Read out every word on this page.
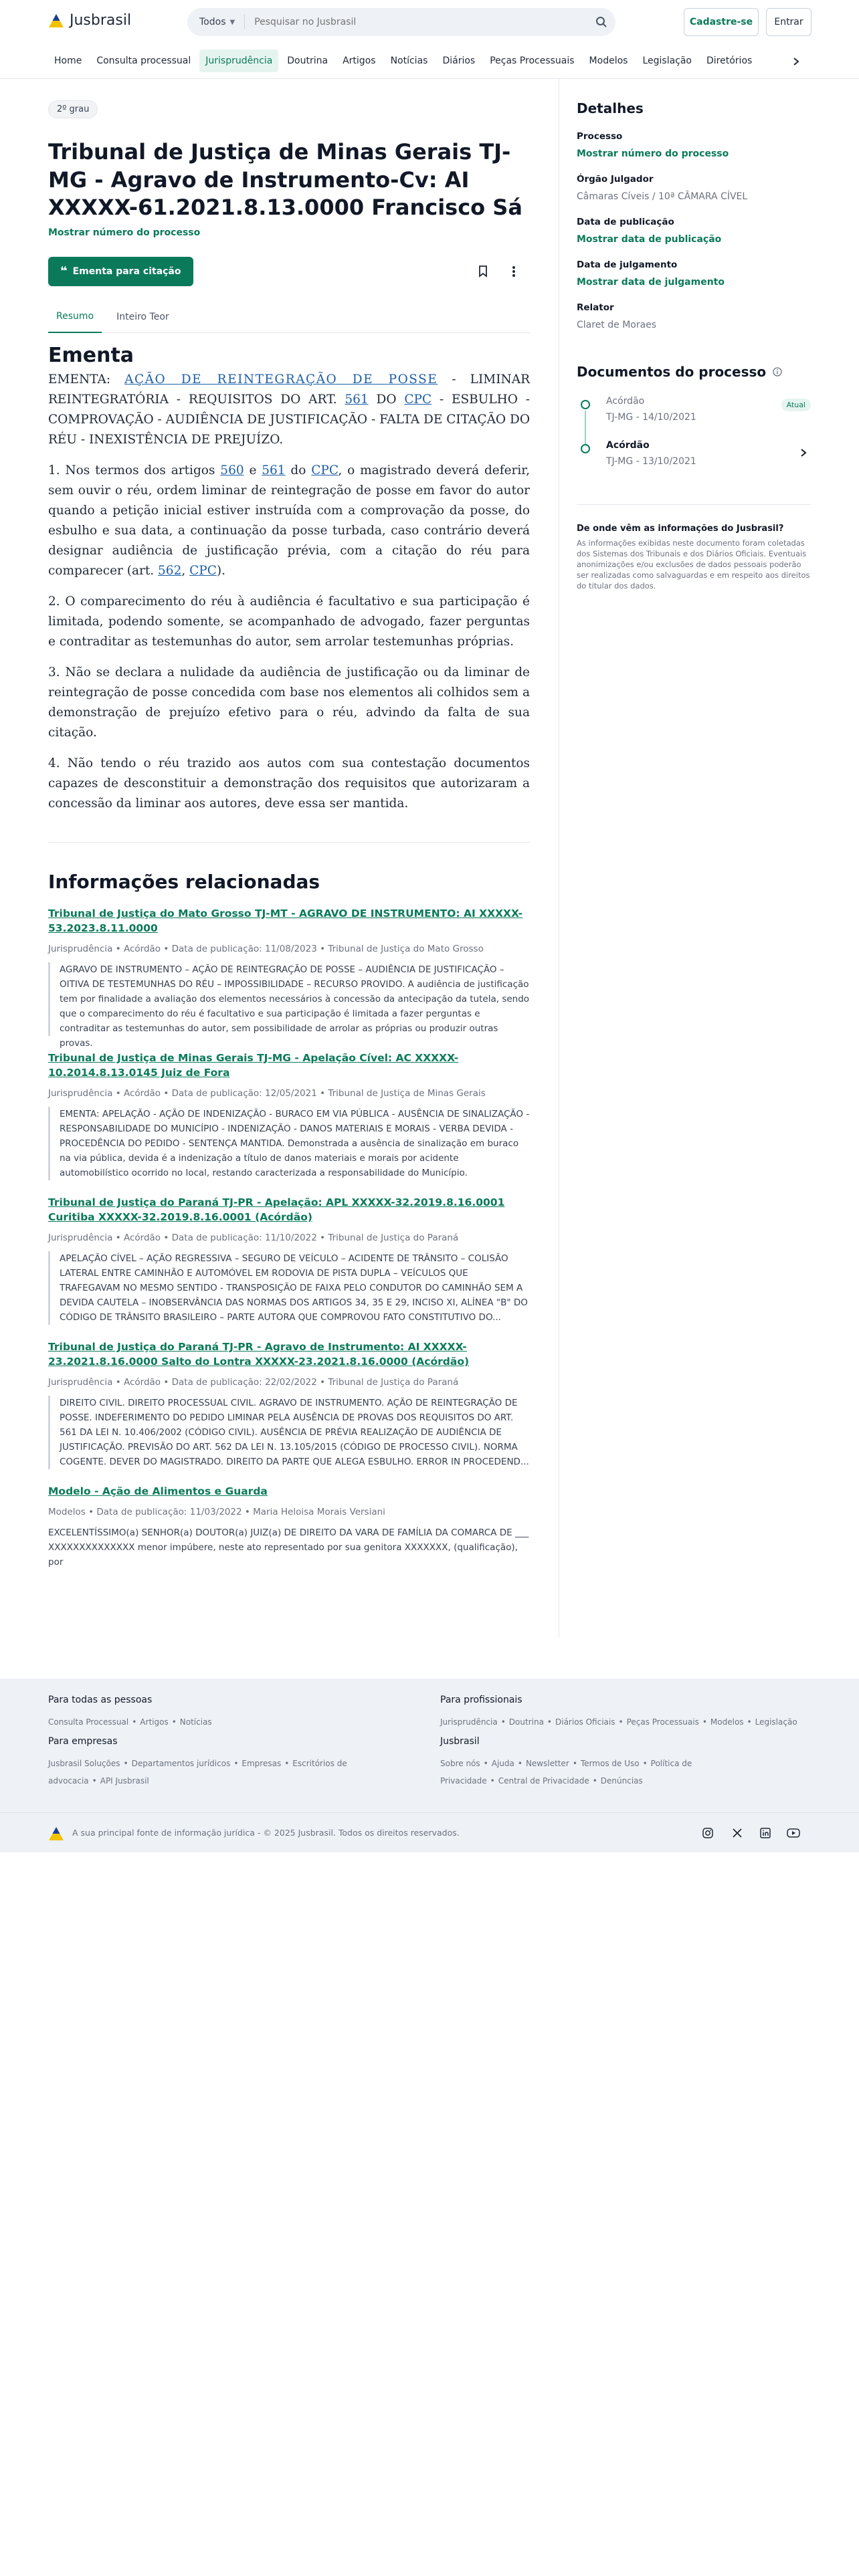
Jusbrasil	Todos ▼
Pesquisar no Jusbrasil	Cadastre-se	Entrar
Home	Consulta processual	Jurisprudência	Doutrina	Artigos	Notícias	Diários	Peças Processuais	Modelos	Legislação	Diretórios
2º grau
Tribunal de Justiça de Minas Gerais TJ-MG - Agravo de Instrumento-Cv: AI XXXXX-61.2021.8.13.0000 Francisco Sá
Mostrar número do processo
❝ Ementa para citação
Resumo	Inteiro Teor
Ementa

EMENTA: AÇÃO DE REINTEGRAÇÃO DE POSSE - LIMINAR REINTEGRATÓRIA - REQUISITOS DO ART. 561 DO CPC - ESBULHO - COMPROVAÇÃO - AUDIÊNCIA DE JUSTIFICAÇÃO - FALTA DE CITAÇÃO DO RÉU - INEXISTÊNCIA DE PREJUÍZO.

1. Nos termos dos artigos 560 e 561 do CPC, o magistrado deverá deferir, sem ouvir o réu, ordem liminar de reintegração de posse em favor do autor quando a petição inicial estiver instruída com a comprovação da posse, do esbulho e sua data, a continuação da posse turbada, caso contrário deverá designar audiência de justificação prévia, com a citação do réu para comparecer (art. 562, CPC).

2. O comparecimento do réu à audiência é facultativo e sua participação é limitada, podendo somente, se acompanhado de advogado, fazer perguntas e contraditar as testemunhas do autor, sem arrolar testemunhas próprias.

3. Não se declara a nulidade da audiência de justificação ou da liminar de reintegração de posse concedida com base nos elementos ali colhidos sem a demonstração de prejuízo efetivo para o réu, advindo da falta de sua citação.

4. Não tendo o réu trazido aos autos com sua contestação documentos capazes de desconstituir a demonstração dos requisitos que autorizaram a concessão da liminar aos autores, deve essa ser mantida.

Informações relacionadas
Tribunal de Justiça do Mato Grosso TJ-MT - AGRAVO DE INSTRUMENTO: AI XXXXX-53.2023.8.11.0000
Jurisprudência • Acórdão • Data de publicação: 11/08/2023 • Tribunal de Justiça do Mato Grosso
AGRAVO DE INSTRUMENTO – AÇÃO DE REINTEGRAÇÃO DE POSSE – AUDIÊNCIA DE JUSTIFICAÇÃO – OITIVA DE TESTEMUNHAS DO RÉU – IMPOSSIBILIDADE – RECURSO PROVIDO. A audiência de justificação tem por finalidade a avaliação dos elementos necessários à concessão da antecipação da tutela, sendo que o comparecimento do réu é facultativo e sua participação é limitada a fazer perguntas e contraditar as testemunhas do autor, sem possibilidade de arrolar as próprias ou produzir outras provas.
Tribunal de Justiça de Minas Gerais TJ-MG - Apelação Cível: AC XXXXX-10.2014.8.13.0145 Juiz de Fora
Jurisprudência • Acórdão • Data de publicação: 12/05/2021 • Tribunal de Justiça de Minas Gerais
EMENTA: APELAÇÃO - AÇÃO DE INDENIZAÇÃO - BURACO EM VIA PÚBLICA - AUSÊNCIA DE SINALIZAÇÃO - RESPONSABILIDADE DO MUNICÍPIO - INDENIZAÇÃO - DANOS MATERIAIS E MORAIS - VERBA DEVIDA - PROCEDÊNCIA DO PEDIDO - SENTENÇA MANTIDA. Demonstrada a ausência de sinalização em buraco na via pública, devida é a indenização a título de danos materiais e morais por acidente automobilístico ocorrido no local, restando caracterizada a responsabilidade do Município.
Tribunal de Justiça do Paraná TJ-PR - Apelação: APL XXXXX-32.2019.8.16.0001 Curitiba XXXXX-32.2019.8.16.0001 (Acórdão)
Jurisprudência • Acórdão • Data de publicação: 11/10/2022 • Tribunal de Justiça do Paraná
APELAÇÃO CÍVEL – AÇÃO REGRESSIVA – SEGURO DE VEÍCULO – ACIDENTE DE TRÂNSITO – COLISÃO LATERAL ENTRE CAMINHÃO E AUTOMÓVEL EM RODOVIA DE PISTA DUPLA – VEÍCULOS QUE TRAFEGAVAM NO MESMO SENTIDO - TRANSPOSIÇÃO DE FAIXA PELO CONDUTOR DO CAMINHÃO SEM A DEVIDA CAUTELA – INOBSERVÂNCIA DAS NORMAS DOS ARTIGOS 34, 35 E 29, INCISO XI, ALÍNEA "B" DO CÓDIGO DE TRÂNSITO BRASILEIRO – PARTE AUTORA QUE COMPROVOU FATO CONSTITUTIVO DO...
Tribunal de Justiça do Paraná TJ-PR - Agravo de Instrumento: AI XXXXX-23.2021.8.16.0000 Salto do Lontra XXXXX-23.2021.8.16.0000 (Acórdão)
Jurisprudência • Acórdão • Data de publicação: 22/02/2022 • Tribunal de Justiça do Paraná
DIREITO CIVIL. DIREITO PROCESSUAL CIVIL. AGRAVO DE INSTRUMENTO. AÇÃO DE REINTEGRAÇÃO DE POSSE. INDEFERIMENTO DO PEDIDO LIMINAR PELA AUSÊNCIA DE PROVAS DOS REQUISITOS DO ART. 561 DA LEI N. 10.406/2002 (CÓDIGO CIVIL). AUSÊNCIA DE PRÉVIA REALIZAÇÃO DE AUDIÊNCIA DE JUSTIFICAÇÃO. PREVISÃO DO ART. 562 DA LEI N. 13.105/2015 (CÓDIGO DE PROCESSO CIVIL). NORMA COGENTE. DEVER DO MAGISTRADO. DIREITO DA PARTE QUE ALEGA ESBULHO. ERROR IN PROCEDEND...
Modelo - Ação de Alimentos e Guarda
Modelos • Data de publicação: 11/03/2022 • Maria Heloisa Morais Versiani
EXCELENTÍSSIMO(a) SENHOR(a) DOUTOR(a) JUIZ(a) DE DIREITO DA VARA DE FAMÍLIA DA COMARCA DE ___ XXXXXXXXXXXXXX menor impúbere, neste ato representado por sua genitora XXXXXXX, (qualificação), por
Detalhes
Processo
Mostrar número do processo
Órgão Julgador
Câmaras Cíveis / 10ª CÂMARA CÍVEL
Data de publicação
Mostrar data de publicação
Data de julgamento
Mostrar data de julgamento
Relator
Claret de Moraes
Documentos do processo
Acórdão
TJ-MG - 14/10/2021
Atual
Acórdão
TJ-MG - 13/10/2021
De onde vêm as informações do Jusbrasil?
As informações exibidas neste documento foram coletadas dos Sistemas dos Tribunais e dos Diários Oficiais. Eventuais anonimizações e/ou exclusões de dados pessoais poderão ser realizadas como salvaguardas e em respeito aos direitos do titular dos dados.
Para todas as pessoas
Consulta Processual • Artigos • Notícias
Para profissionais
Jurisprudência • Doutrina • Diários Oficiais • Peças Processuais • Modelos • Legislação
Para empresas
Jusbrasil Soluções • Departamentos jurídicos • Empresas • Escritórios de advocacia • API Jusbrasil
Jusbrasil
Sobre nós • Ajuda • Newsletter • Termos de Uso • Política de Privacidade • Central de Privacidade • Denúncias
A sua principal fonte de informação jurídica - © 2025 Jusbrasil. Todos os direitos reservados.
